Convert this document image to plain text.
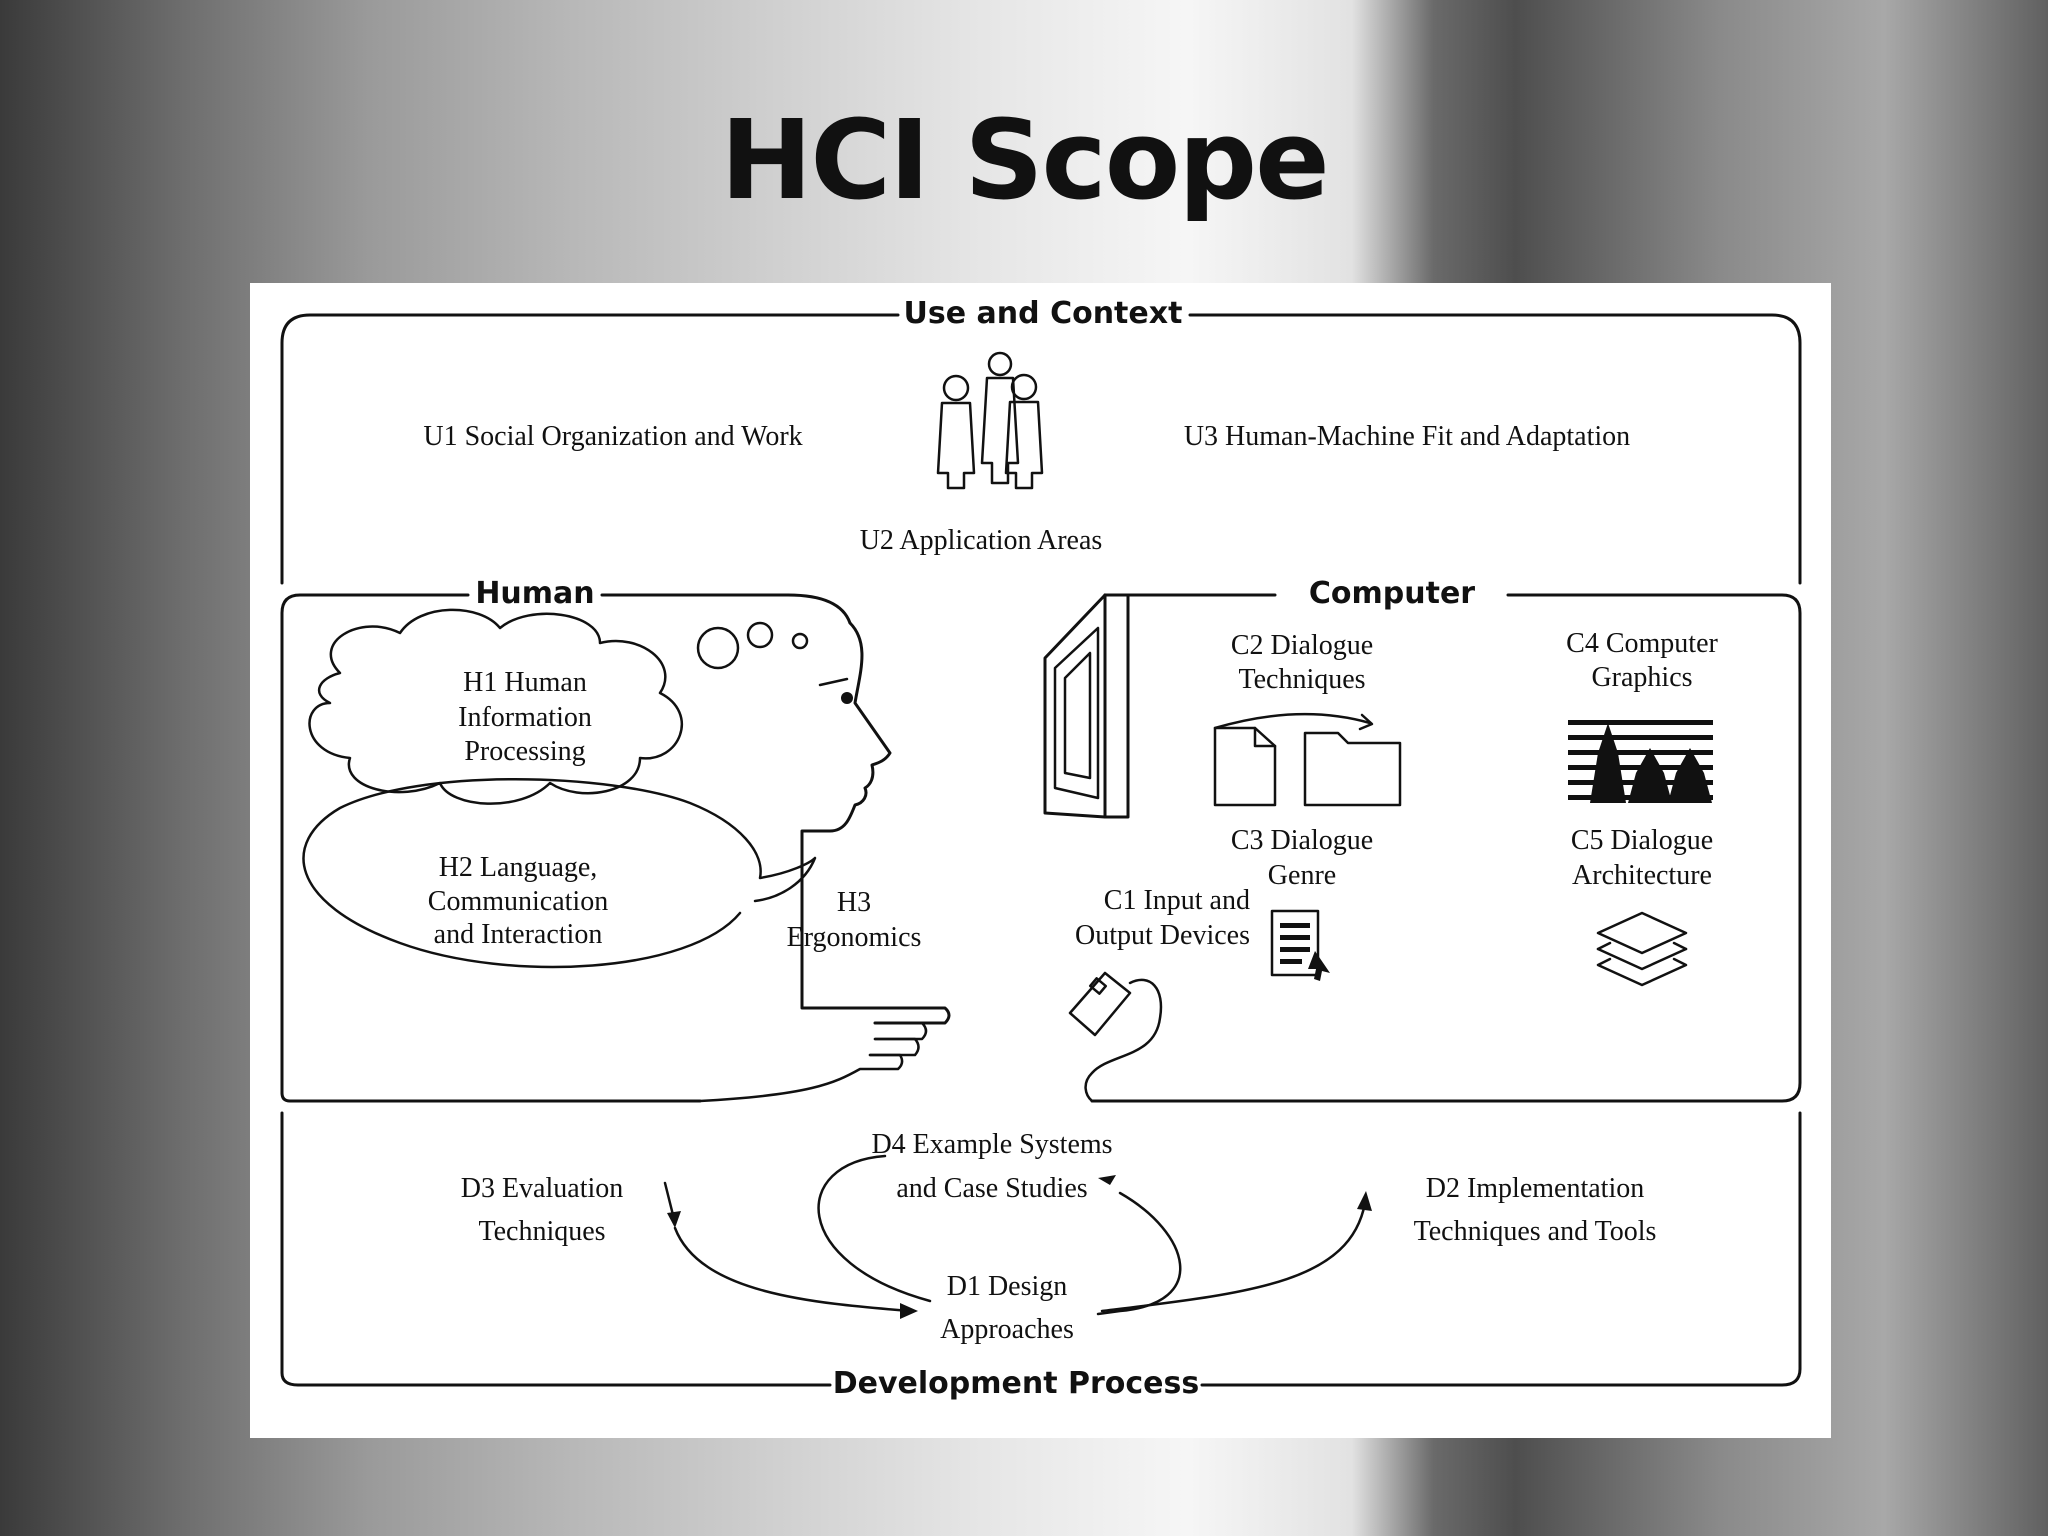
HCI Scope
Use and Context
U1 Social Organization and Work	U3 Human-Machine Fit and Adaptation
U2 Application Areas
Human
H1 Human
Information
Processing
H2 Language,
Communication
and Interaction
H3
Ergonomics
Computer
C2 Dialogue
Techniques
C3 Dialogue
Genre
C1 Input and
Output Devices
C4 Computer
Graphics
C5 Dialogue
Architecture
Development Process
D4 Example Systems
and Case Studies
D3 Evaluation
Techniques
D2 Implementation
Techniques and Tools
D1 Design
Approaches
